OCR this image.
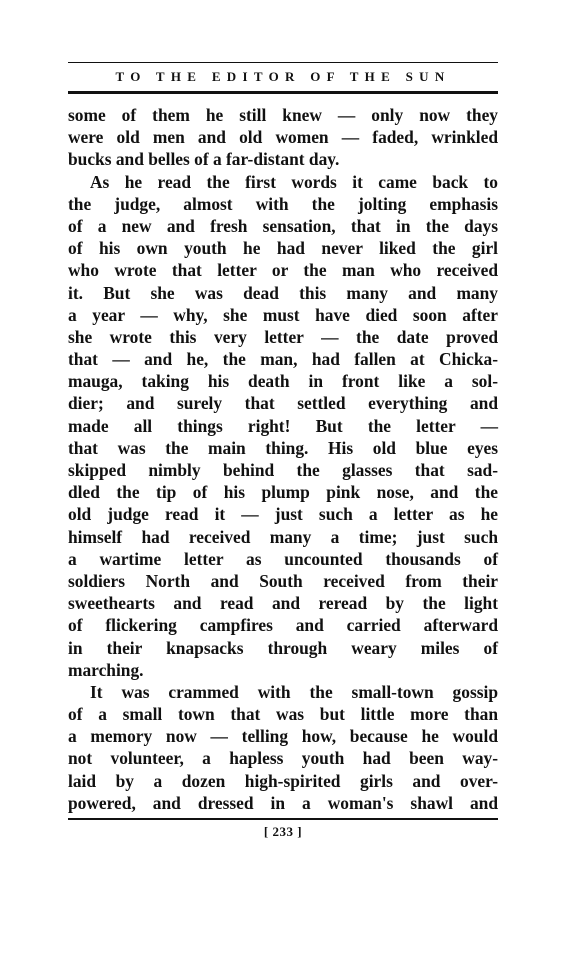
TO THE EDITOR OF THE SUN
some of them he still knew — only now they
were old men and old women — faded, wrinkled
bucks and belles of a far-distant day.
As he read the first words it came back to
the judge, almost with the jolting emphasis
of a new and fresh sensation, that in the days
of his own youth he had never liked the girl
who wrote that letter or the man who received
it. But she was dead this many and many
a year — why, she must have died soon after
she wrote this very letter — the date proved
that — and he, the man, had fallen at Chicka-
mauga, taking his death in front like a sol-
dier; and surely that settled everything and
made all things right! But the letter —
that was the main thing. His old blue eyes
skipped nimbly behind the glasses that sad-
dled the tip of his plump pink nose, and the
old judge read it — just such a letter as he
himself had received many a time; just such
a wartime letter as uncounted thousands of
soldiers North and South received from their
sweethearts and read and reread by the light
of flickering campfires and carried afterward
in their knapsacks through weary miles of
marching.
It was crammed with the small-town gossip
of a small town that was but little more than
a memory now — telling how, because he would
not volunteer, a hapless youth had been way-
laid by a dozen high-spirited girls and over-
powered, and dressed in a woman's shawl and
[ 233 ]
